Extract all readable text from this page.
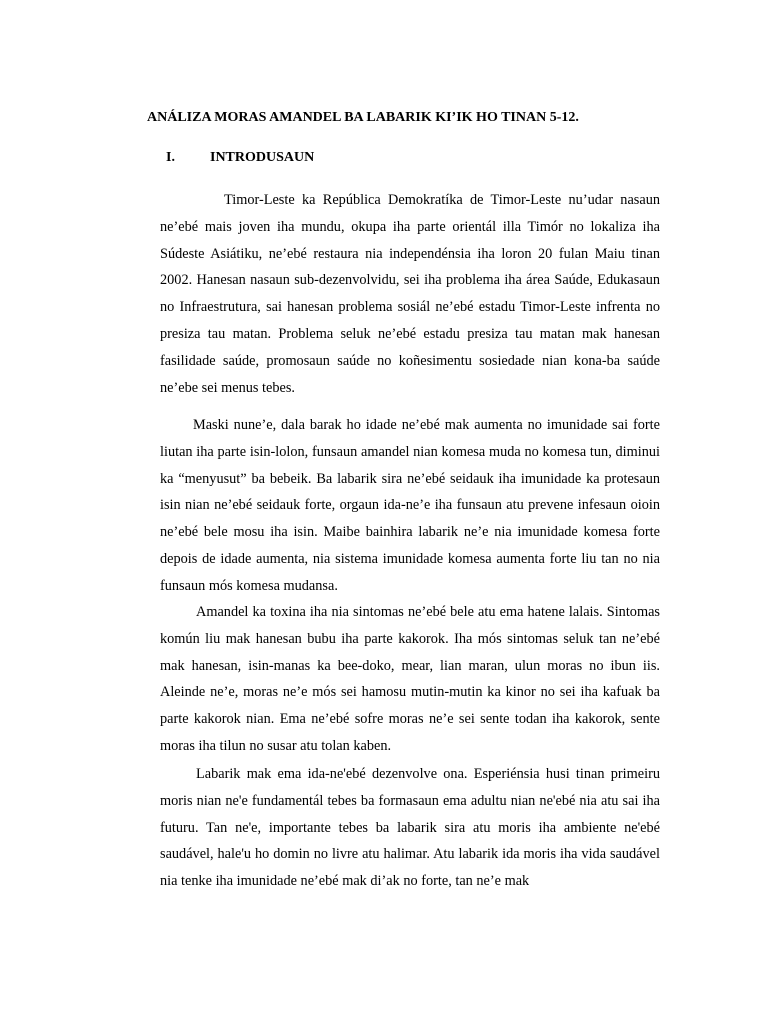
ANÁLIZA MORAS AMANDEL BA LABARIK KI’IK HO TINAN 5-12.
I.	INTRODUSAUN

Timor-Leste ka República Demokratíka de Timor-Leste nu’udar nasaun ne’ebé mais joven iha mundu, okupa iha parte orientál illa Timór no lokaliza iha Súdeste Asiátiku, ne’ebé restaura nia independénsia iha loron 20 fulan Maiu tinan 2002. Hanesan nasaun sub-dezenvolvidu, sei iha problema iha área Saúde, Edukasaun no Infraestrutura, sai hanesan problema sosiál ne’ebé estadu Timor-Leste infrenta no presiza tau matan. Problema seluk ne’ebé estadu presiza tau matan mak hanesan fasilidade saúde, promosaun saúde no koñesimentu sosiedade nian kona-ba saúde ne’ebe sei menus tebes.

Maski nune’e, dala barak ho idade ne’ebé mak aumenta no imunidade sai forte liutan iha parte isin-lolon, funsaun amandel nian komesa muda no komesa tun, diminui ka “menyusut” ba bebeik. Ba labarik sira ne’ebé seidauk iha imunidade ka protesaun isin nian ne’ebé seidauk forte, orgaun ida-ne’e iha funsaun atu prevene infesaun oioin ne’ebé bele mosu iha isin. Maibe bainhira labarik ne’e nia imunidade komesa forte depois de idade aumenta, nia sistema imunidade komesa aumenta forte liu tan no nia funsaun mós komesa mudansa.

Amandel ka toxina iha nia sintomas ne’ebé bele atu ema hatene lalais. Sintomas komún liu mak hanesan bubu iha parte kakorok. Iha mós sintomas seluk tan ne’ebé mak hanesan, isin-manas ka bee-doko, mear, lian maran, ulun moras no ibun iis. Aleinde ne’e, moras ne’e mós sei hamosu mutin-mutin ka kinor no sei iha kafuak ba parte kakorok nian. Ema ne’ebé sofre moras ne’e sei sente todan iha kakorok, sente moras iha tilun no susar atu tolan kaben.

Labarik mak ema ida-ne'ebé dezenvolve ona. Esperiénsia husi tinan primeiru moris nian ne'e fundamentál tebes ba formasaun ema adultu nian ne'ebé nia atu sai iha futuru. Tan ne'e, importante tebes ba labarik sira atu moris iha ambiente ne'ebé saudável, hale'u ho domin no livre atu halimar. Atu labarik ida moris iha vida saudável nia tenke iha imunidade ne’ebé mak di’ak no forte, tan ne’e mak
